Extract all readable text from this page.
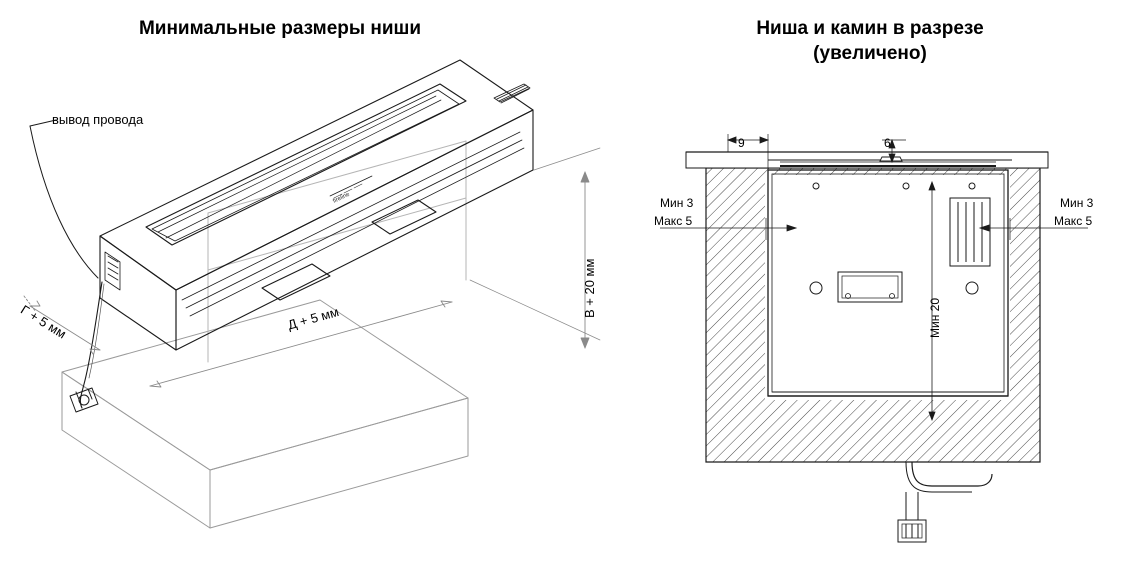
Минимальные размеры ниши	Ниша и камин в разрезе
(увеличено)
fireline
вывод провода
Г + 5 мм	Д + 5 мм
В + 20 мм
Мин 3
Макс 5
Мин 3
Макс 5
9	6
Мин 20
